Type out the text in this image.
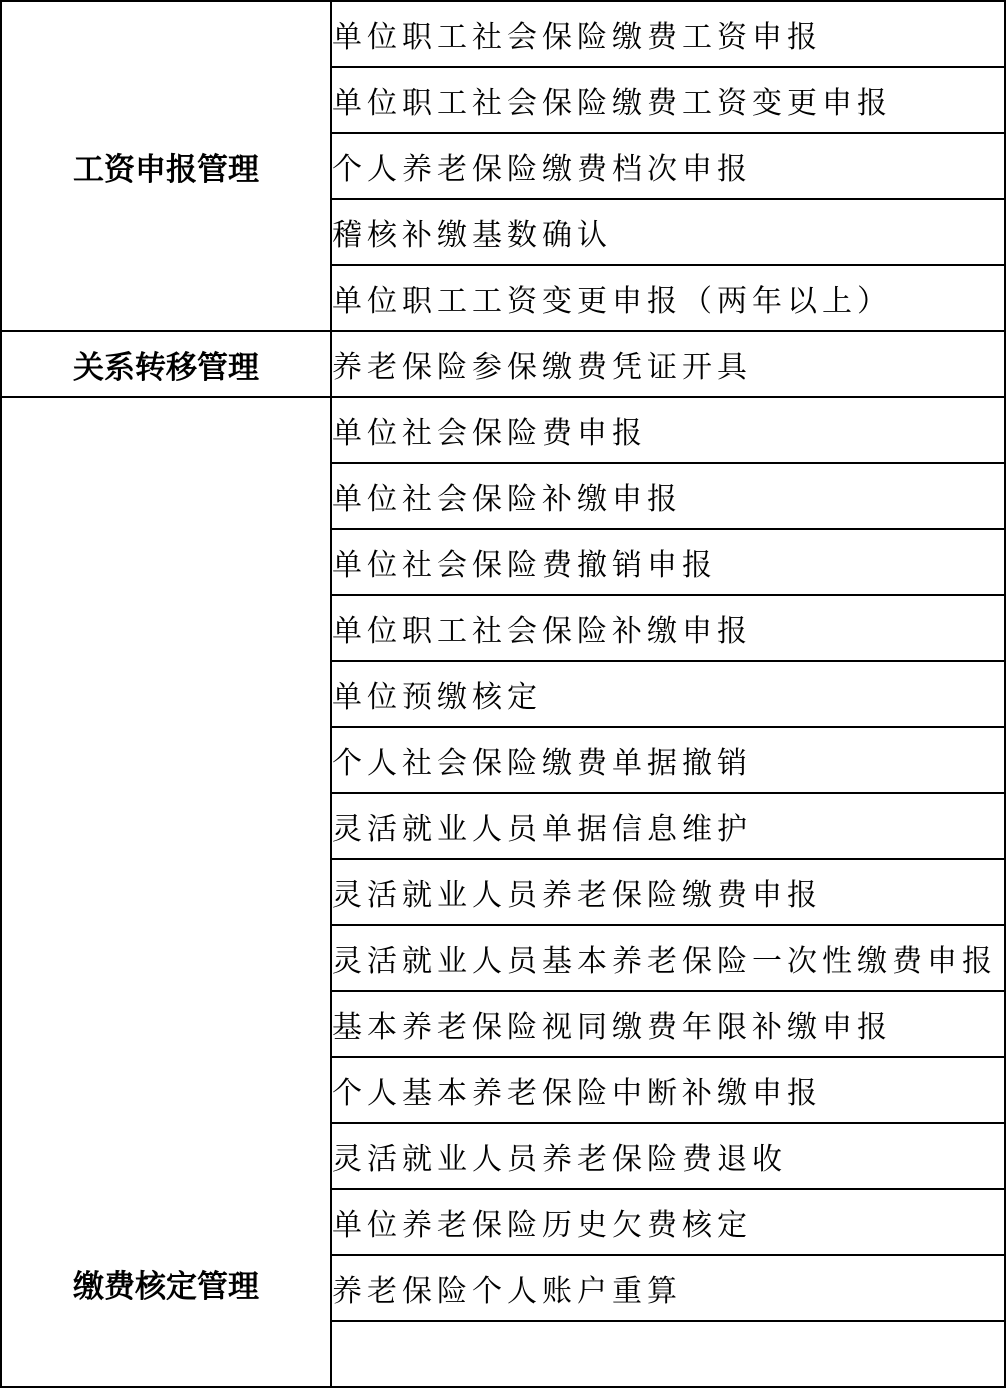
工资申报管理	单位职工社会保险缴费工资申报
	单位职工社会保险缴费工资变更申报
	个人养老保险缴费档次申报
	稽核补缴基数确认
	单位职工工资变更申报（两年以上）
关系转移管理	养老保险参保缴费凭证开具
缴费核定管理	单位社会保险费申报
	单位社会保险补缴申报
	单位社会保险费撤销申报
	单位职工社会保险补缴申报
	单位预缴核定
	个人社会保险缴费单据撤销
	灵活就业人员单据信息维护
	灵活就业人员养老保险缴费申报
	灵活就业人员基本养老保险一次性缴费申报
	基本养老保险视同缴费年限补缴申报
	个人基本养老保险中断补缴申报
	灵活就业人员养老保险费退收
	单位养老保险历史欠费核定
	养老保险个人账户重算
